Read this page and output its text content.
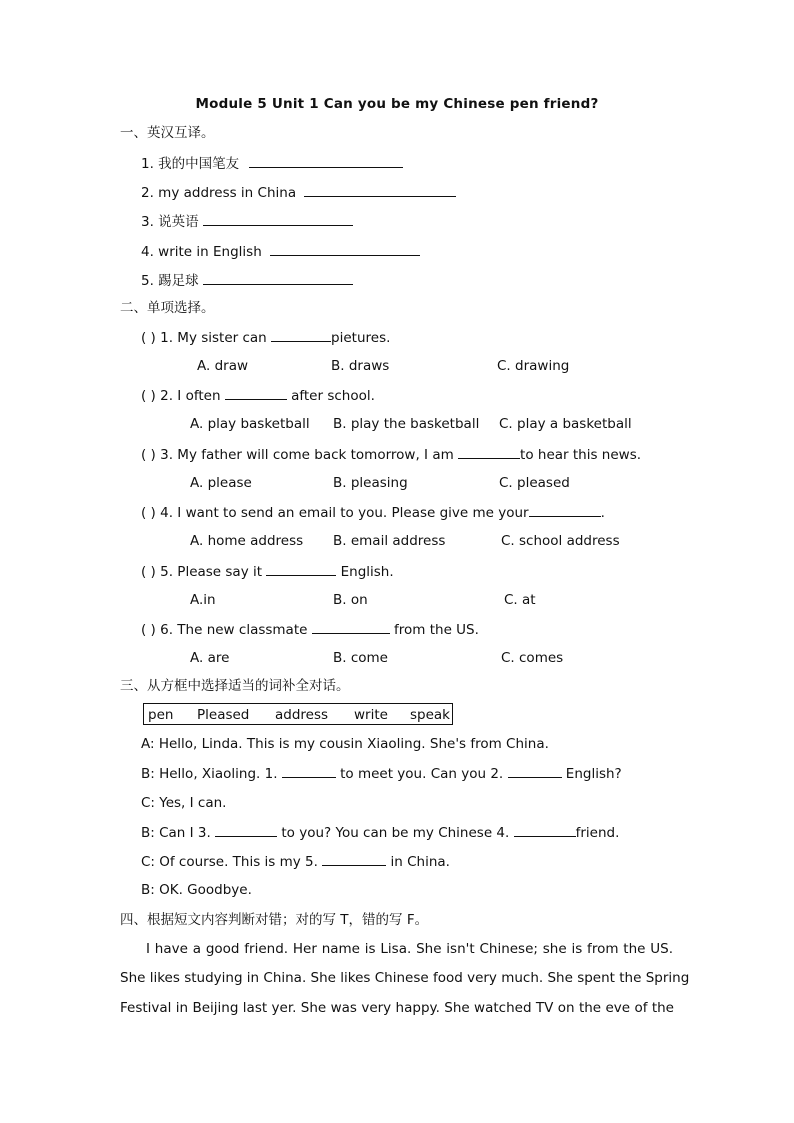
Module 5 Unit 1 Can you be my Chinese pen friend?
一、英汉互译。
1. 我的中国笔友
2. my address in China
3. 说英语
4. write in English
5. 踢足球
二、单项选择。
( ) 1. My sister can	pietures.
A. draw	B. draws	C. drawing
( ) 2. I often	after school.
A. play basketball B. play the basketball C. play a basketball
( ) 3. My father will come back tomorrow, I am	to hear this news.
A. please	B. pleasing	C. pleased
( ) 4. I want to send an email to you. Please give me your	.
A. home address B. email address	C. school address
( ) 5. Please say it	English.
A.in	B. on	C. at
( ) 6. The new classmate	from the US.
A. are	B. come	C. comes
三、从方框中选择适当的词补全对话。
pen Pleased address write speak
A: Hello, Linda. This is my cousin Xiaoling. She's from China.
B: Hello, Xiaoling. 1.	to meet you. Can you 2.	English?
C: Yes, I can.
B: Can I 3.	to you? You can be my Chinese 4.	friend.
C: Of course. This is my 5.	in China.
B: OK. Goodbye.
四、根据短文内容判断对错；对的写 T，错的写 F。
I have a good friend. Her name is Lisa. She isn't Chinese; she is from the US.
She likes studying in China. She likes Chinese food very much. She spent the Spring
Festival in Beijing last yer. She was very happy. She watched TV on the eve of the
